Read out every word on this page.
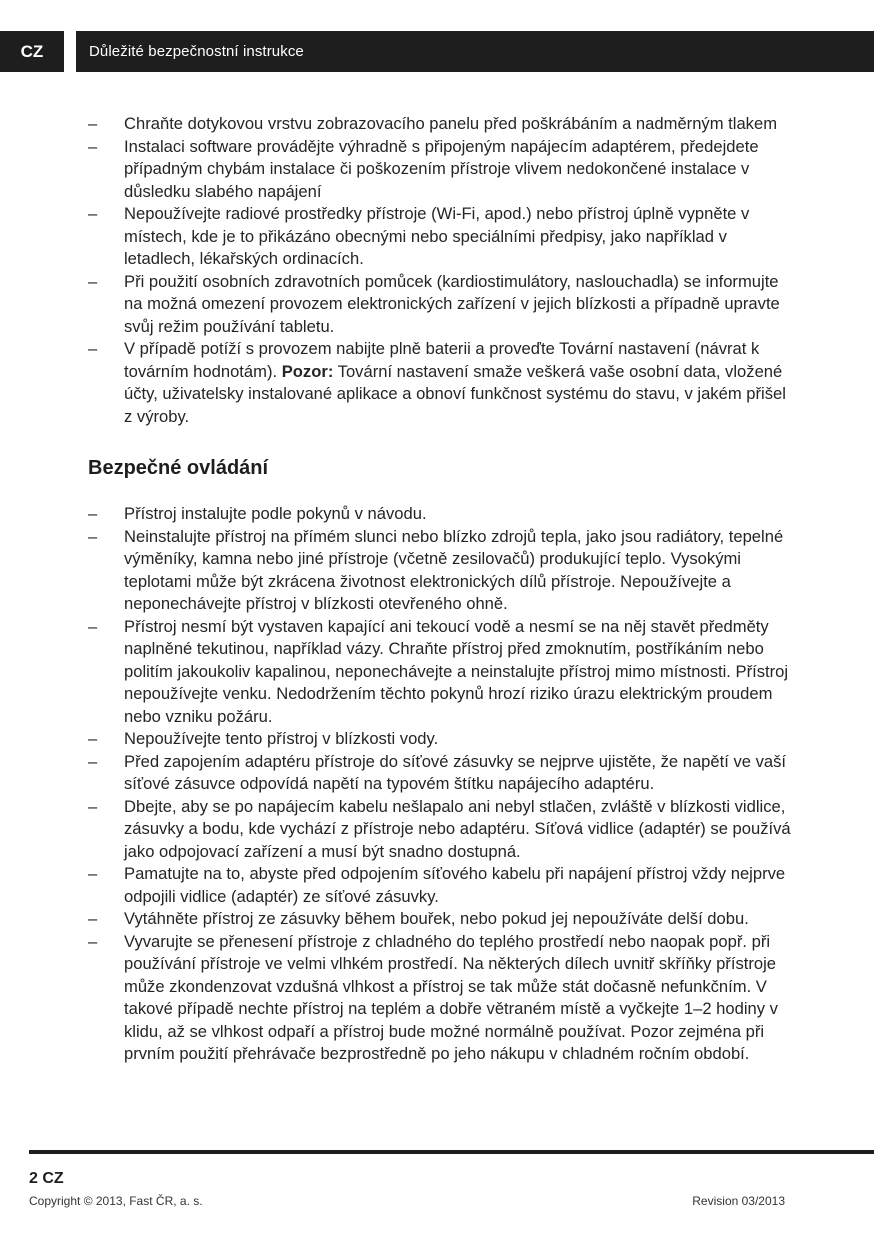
CZ	Důležité bezpečnostní instrukce
–	Chraňte dotykovou vrstvu zobrazovacího panelu před poškrábáním a nadměrným tlakem
–	Instalaci software provádějte výhradně s připojeným napájecím adaptérem, předejdete případným chybám instalace či poškozením přístroje vlivem nedokončené instalace v důsledku slabého napájení
–	Nepoužívejte radiové prostředky přístroje (Wi-Fi, apod.) nebo přístroj úplně vypněte v místech, kde je to přikázáno obecnými nebo speciálními předpisy, jako například v letadlech, lékařských ordinacích.
–	Při použití osobních zdravotních pomůcek (kardiostimulátory, naslouchadla) se informujte na možná omezení provozem elektronických zařízení v jejich blízkosti a případně upravte svůj režim používání tabletu.
–	V případě potíží s provozem nabijte plně baterii a proveďte Tovární nastavení (návrat k továrním hodnotám). Pozor: Tovární nastavení smaže veškerá vaše osobní data, vložené účty, uživatelsky instalované aplikace a obnoví funkčnost systému do stavu, v jakém přišel z výroby.
Bezpečné ovládání
–	Přístroj instalujte podle pokynů v návodu.
–	Neinstalujte přístroj na přímém slunci nebo blízko zdrojů tepla, jako jsou radiátory, tepelné výměníky, kamna nebo jiné přístroje (včetně zesilovačů) produkující teplo. Vysokými teplotami může být zkrácena životnost elektronických dílů přístroje. Nepoužívejte a neponechávejte přístroj v blízkosti otevřeného ohně.
–	Přístroj nesmí být vystaven kapající ani tekoucí vodě a nesmí se na něj stavět předměty naplněné tekutinou, například vázy. Chraňte přístroj před zmoknutím, postříkáním nebo politím jakoukoliv kapalinou, neponechávejte a neinstalujte přístroj mimo místnosti. Přístroj nepoužívejte venku. Nedodržením těchto pokynů hrozí riziko úrazu elektrickým proudem nebo vzniku požáru.
–	Nepoužívejte tento přístroj v blízkosti vody.
–	Před zapojením adaptéru přístroje do síťové zásuvky se nejprve ujistěte, že napětí ve vaší síťové zásuvce odpovídá napětí na typovém štítku napájecího adaptéru.
–	Dbejte, aby se po napájecím kabelu nešlapalo ani nebyl stlačen, zvláště v blízkosti vidlice, zásuvky a bodu, kde vychází z přístroje nebo adaptéru. Síťová vidlice (adaptér) se používá jako odpojovací zařízení a musí být snadno dostupná.
–	Pamatujte na to, abyste před odpojením síťového kabelu při napájení přístroj vždy nejprve odpojili vidlice (adaptér) ze síťové zásuvky.
–	Vytáhněte přístroj ze zásuvky během bouřek, nebo pokud jej nepoužíváte delší dobu.
–	Vyvarujte se přenesení přístroje z chladného do teplého prostředí nebo naopak popř. při používání přístroje ve velmi vlhkém prostředí. Na některých dílech uvnitř skříňky přístroje může zkondenzovat vzdušná vlhkost a přístroj se tak může stát dočasně nefunkčním. V takové případě nechte přístroj na teplém a dobře větraném místě a vyčkejte 1–2 hodiny v klidu, až se vlhkost odpaří a přístroj bude možné normálně používat. Pozor zejména při prvním použití přehrávače bezprostředně po jeho nákupu v chladném ročním období.
2 CZ
Copyright © 2013, Fast ČR, a. s.	Revision 03/2013
